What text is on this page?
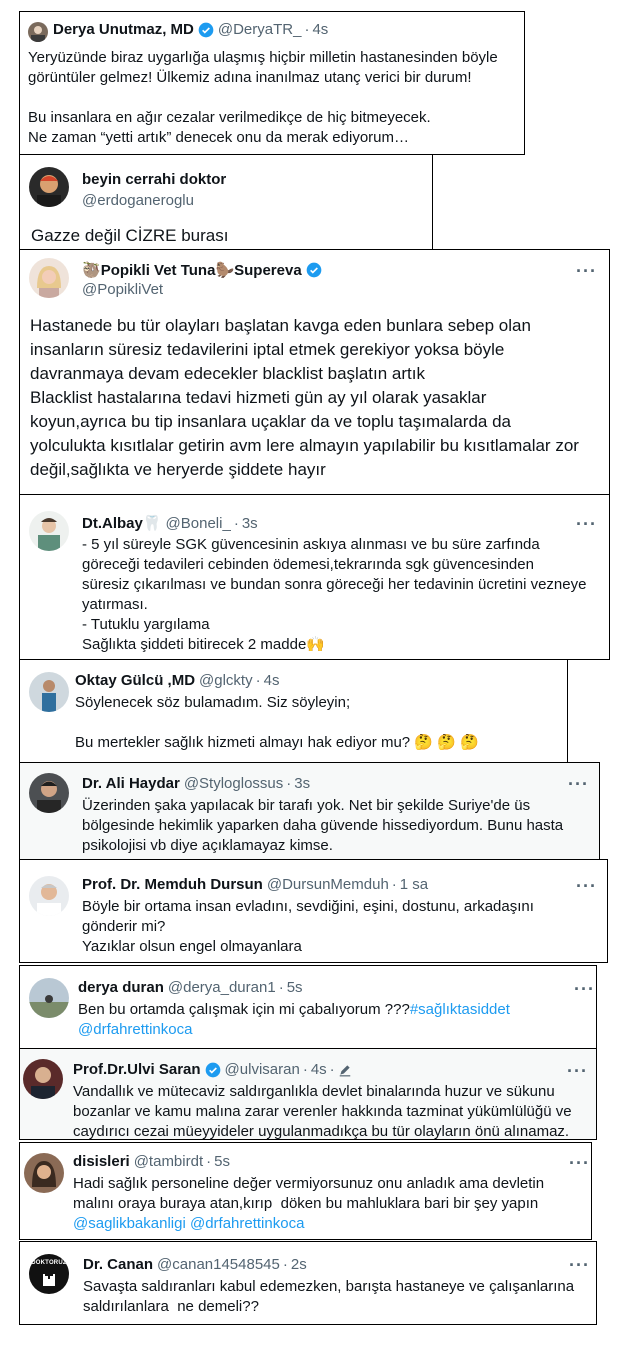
Derya Unutmaz, MD @DeryaTR_ · 4s
Yeryüzünde biraz uygarlığa ulaşmış hiçbir milletin hastanesinden böyle
görüntüler gelmez! Ülkemiz adına inanılmaz utanç verici bir durum!

Bu insanlara en ağır cezalar verilmedikçe de hiç bitmeyecek.
Ne zaman “yetti artık” denecek onu da merak ediyorum…
beyin cerrahi doktor
@erdoganeroglu
Gazze değil CİZRE burası
🦥 Popikli Vet Tuna 🦫 Supereva
@PopikliVet
···
Hastanede bu tür olayları başlatan kavga eden bunlara sebep olan
insanların süresiz tedavilerini iptal etmek gerekiyor yoksa böyle
davranmaya devam edecekler blacklist başlatın artık
Blacklist hastalarına tedavi hizmeti gün ay yıl olarak yasaklar
koyun,ayrıca bu tip insanlara uçaklar da ve toplu taşımalarda da
yolculukta kısıtlalar getirin avm lere almayın yapılabilir bu kısıtlamalar zor
değil,sağlıkta ve heryerde şiddete hayır
Dt.Albay 🦷 @Boneli_ · 3s	···
- 5 yıl süreyle SGK güvencesinin askıya alınması ve bu süre zarfında
göreceği tedavileri cebinden ödemesi,tekrarında sgk güvencesinden
süresiz çıkarılması ve bundan sonra göreceği her tedavinin ücretini vezneye
yatırması.
- Tutuklu yargılama
Sağlıkta şiddeti bitirecek 2 madde🙌
Oktay Gülcü ,MD @glckty · 4s
Söylenecek söz bulamadım. Siz söyleyin;

Bu mertekler sağlık hizmeti almayı hak ediyor mu? 🤔 🤔 🤔
Dr. Ali Haydar @Styloglossus · 3s	···
Üzerinden şaka yapılacak bir tarafı yok. Net bir şekilde Suriye'de üs
bölgesinde hekimlik yaparken daha güvende hissediyordum. Bunu hasta
psikolojisi vb diye açıklamayaz kimse.
Prof. Dr. Memduh Dursun @DursunMemduh · 1 sa	···
Böyle bir ortama insan evladını, sevdiğini, eşini, dostunu, arkadaşını
gönderir mi?
Yazıklar olsun engel olmayanlara
derya duran @derya_duran1 · 5s	···
Ben bu ortamda çalışmak için mi çabalıyorum ???#sağlıktasiddet
@drfahrettinkoca
Prof.Dr.Ulvi Saran @ulvisaran · 4s ·	···
Vandallık ve mütecaviz saldırganlıkla devlet binalarında huzur ve sükunu
bozanlar ve kamu malına zarar verenler hakkında tazminat yükümlülüğü ve
caydırıcı cezai müeyyideler uygulanmadıkça bu tür olayların önü alınamaz.
disisleri @tambirdt · 5s	···
Hadi sağlık personeline değer vermiyorsunuz onu anladık ama devletin
malını oraya buraya atan,kırıp  döken bu mahluklara bari bir şey yapın
@saglikbakanligi @drfahrettinkoca
DOKTORUZ Dr. Canan @canan14548545 · 2s	···
Savaşta saldıranları kabul edemezken, barışta hastaneye ve çalışanlarına
saldırılanlara  ne demeli??
